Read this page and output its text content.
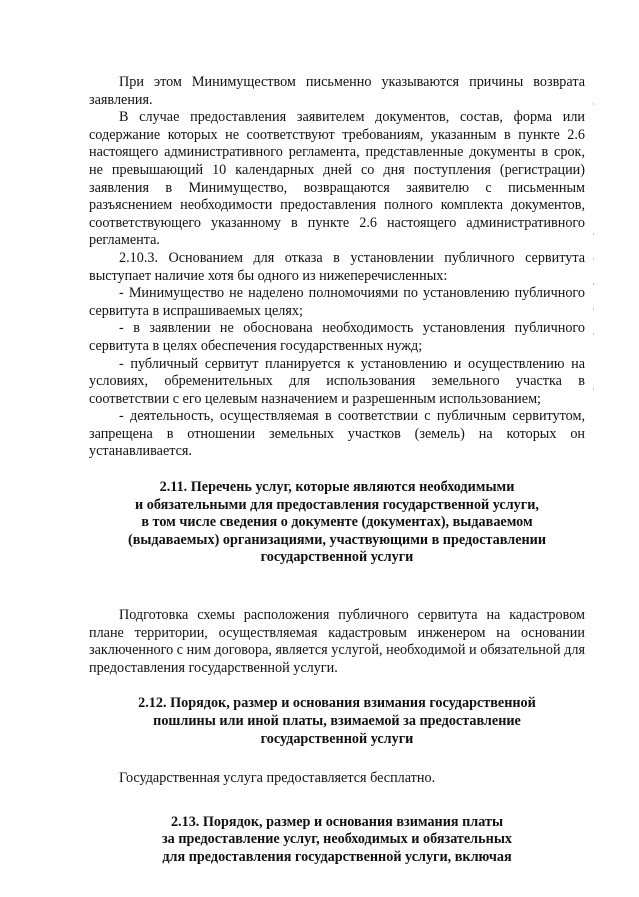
При этом Минимуществом письменно указываются причины возврата заявления.

В случае предоставления заявителем документов, состав, форма или содержание которых не соответствуют требованиям, указанным в пункте 2.6 настоящего административного регламента, представленные документы в срок, не превышающий 10 календарных дней со дня поступления (регистрации) заявления в Минимущество, возвращаются заявителю с письменным разъяснением необходимости предоставления полного комплекта документов, соответствующего указанному в пункте 2.6 настоящего административного регламента.

2.10.3. Основанием для отказа в установлении публичного сервитута выступает наличие хотя бы одного из нижеперечисленных:

- Минимущество не наделено полномочиями по установлению публичного сервитута в испрашиваемых целях;

- в заявлении не обоснована необходимость установления публичного сервитута в целях обеспечения государственных нужд;

- публичный сервитут планируется к установлению и осуществлению на условиях, обременительных для использования земельного участка в соответствии с его целевым назначением и разрешенным использованием;

- деятельность, осуществляемая в соответствии с публичным сервитутом, запрещена в отношении земельных участков (земель) на которых он устанавливается.

2.11. Перечень услуг, которые являются необходимыми
и обязательными для предоставления государственной услуги,
в том числе сведения о документе (документах), выдаваемом
(выдаваемых) организациями, участвующими в предоставлении
государственной услуги

Подготовка схемы расположения публичного сервитута на кадастровом плане территории, осуществляемая кадастровым инженером на основании заключенного с ним договора, является услугой, необходимой и обязательной для предоставления государственной услуги.

2.12. Порядок, размер и основания взимания государственной
пошлины или иной платы, взимаемой за предоставление
государственной услуги

Государственная услуга предоставляется бесплатно.

2.13. Порядок, размер и основания взимания платы
за предоставление услуг, необходимых и обязательных
для предоставления государственной услуги, включая
·
·
·
·
·
·
·
